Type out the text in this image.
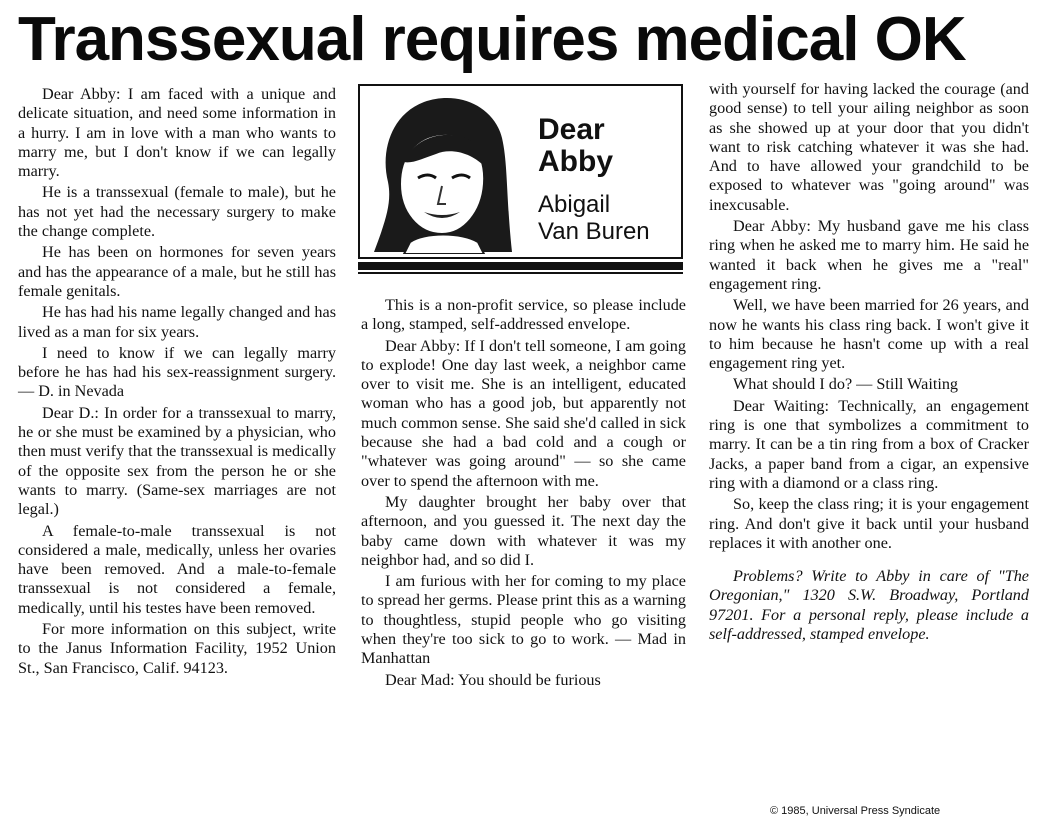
Transsexual requires medical OK

Dear Abby: I am faced with a unique and delicate situation, and need some information in a hurry. I am in love with a man who wants to marry me, but I don't know if we can legally marry.

He is a transsexual (female to male), but he has not yet had the necessary surgery to make the change complete.

He has been on hormones for seven years and has the appearance of a male, but he still has female genitals.

He has had his name legally changed and has lived as a man for six years.

I need to know if we can legally marry before he has had his sex-reassignment surgery. — D. in Nevada

Dear D.: In order for a transsexual to marry, he or she must be examined by a physician, who then must verify that the transsexual is medically of the opposite sex from the person he or she wants to marry. (Same-sex marriages are not legal.)

A female-to-male transsexual is not considered a male, medically, unless her ovaries have been removed. And a male-to-female transsexual is not considered a female, medically, until his testes have been removed.

For more information on this subject, write to the Janus Information Facility, 1952 Union St., San Francisco, Calif. 94123.

Dear
Abby
Abigail
Van Buren

This is a non-profit service, so please include a long, stamped, self-addressed envelope.

Dear Abby: If I don't tell someone, I am going to explode! One day last week, a neighbor came over to visit me. She is an intelligent, educated woman who has a good job, but apparently not much common sense. She said she'd called in sick because she had a bad cold and a cough or "whatever was going around" — so she came over to spend the afternoon with me.

My daughter brought her baby over that afternoon, and you guessed it. The next day the baby came down with whatever it was my neighbor had, and so did I.

I am furious with her for coming to my place to spread her germs. Please print this as a warning to thoughtless, stupid people who go visiting when they're too sick to go to work. — Mad in Manhattan

Dear Mad: You should be furious

with yourself for having lacked the courage (and good sense) to tell your ailing neighbor as soon as she showed up at your door that you didn't want to risk catching whatever it was she had. And to have allowed your grandchild to be exposed to whatever was "going around" was inexcusable.

Dear Abby: My husband gave me his class ring when he asked me to marry him. He said he wanted it back when he gives me a "real" engagement ring.

Well, we have been married for 26 years, and now he wants his class ring back. I won't give it to him because he hasn't come up with a real engagement ring yet.

What should I do? — Still Waiting

Dear Waiting: Technically, an engagement ring is one that symbolizes a commitment to marry. It can be a tin ring from a box of Cracker Jacks, a paper band from a cigar, an expensive ring with a diamond or a class ring.

So, keep the class ring; it is your engagement ring. And don't give it back until your husband replaces it with another one.

Problems? Write to Abby in care of "The Oregonian," 1320 S.W. Broadway, Portland 97201. For a personal reply, please include a self-addressed, stamped envelope.

© 1985, Universal Press Syndicate
